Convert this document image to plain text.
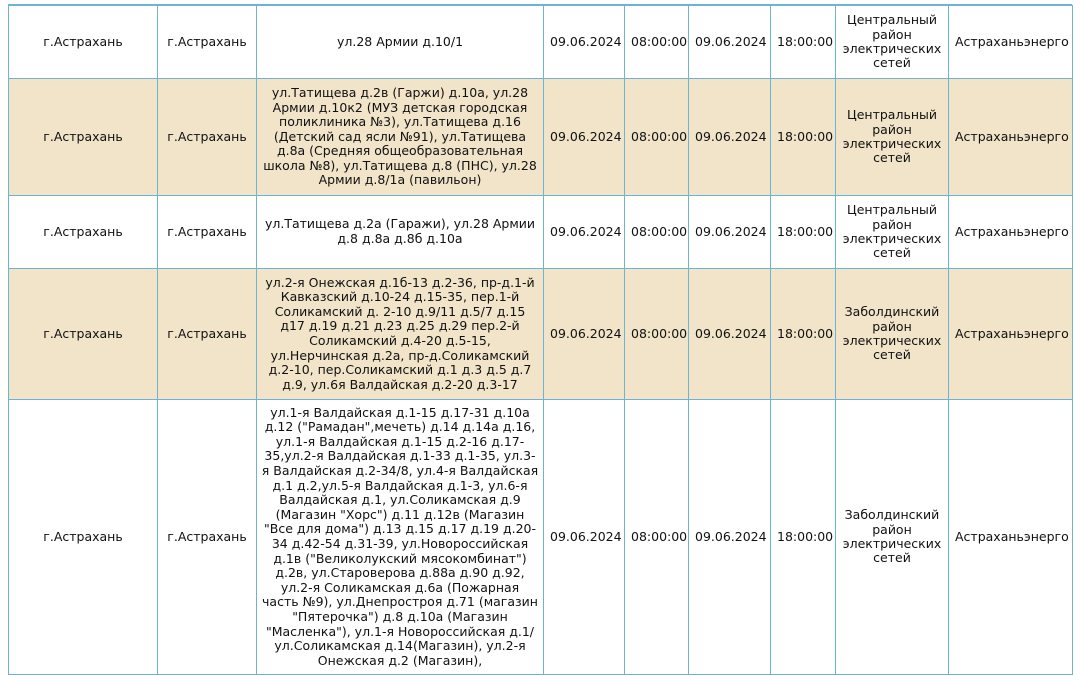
г.Астрахань	г.Астрахань	ул.28 Армии д.10/1	09.06.2024	08:00:00	09.06.2024	18:00:00	Центральный район электрических сетей	Астраханьэнерго
г.Астрахань	г.Астрахань	ул.Татищева д.2в (Гаржи) д.10а, ул.28 Армии д.10к2 (МУЗ детская городская поликлиника №3), ул.Татищева д.16 (Детский сад ясли №91), ул.Татищева д.8а (Средняя общеобразовательная школа №8), ул.Татищева д.8 (ПНС), ул.28 Армии д.8/1а (павильон)	09.06.2024	08:00:00	09.06.2024	18:00:00	Центральный район электрических сетей	Астраханьэнерго
г.Астрахань	г.Астрахань	ул.Татищева д.2а (Гаражи), ул.28 Армии д.8 д.8а д.8б д.10а	09.06.2024	08:00:00	09.06.2024	18:00:00	Центральный район электрических сетей	Астраханьэнерго
г.Астрахань	г.Астрахань	ул.2-я Онежская д.1б-13 д.2-36, пр-д.1-й Кавказский д.10-24 д.15-35, пер.1-й Соликамский д. 2-10 д.9/11 д.5/7 д.15 д17 д.19 д.21 д.23 д.25 д.29 пер.2-й Соликамский д.4-20 д.5-15, ул.Нерчинская д.2а, пр-д.Соликамский д.2-10, пер.Соликамский д.1 д.3 д.5 д.7 д.9, ул.6я Валдайская д.2-20 д.3-17	09.06.2024	08:00:00	09.06.2024	18:00:00	Заболдинский район электрических сетей	Астраханьэнерго
г.Астрахань	г.Астрахань	ул.1-я Валдайская д.1-15 д.17-31 д.10а д.12 ("Рамадан",мечеть) д.14 д.14а д.16, ул.1-я Валдайская д.1-15 д.2-16 д.17-35,ул.2-я Валдайская д.1-33 д.1-35, ул.3-я Валдайская д.2-34/8, ул.4-я Валдайская д.1 д.2,ул.5-я Валдайская д.1-3, ул.6-я Валдайская д.1, ул.Соликамская д.9 (Магазин "Хорс") д.11 д.12в (Магазин "Все для дома") д.13 д.15 д.17 д.19 д.20-34 д.42-54 д.31-39, ул.Новороссийская д.1в ("Великолукский мясокомбинат") д.2в, ул.Староверова д.88а д.90 д.92, ул.2-я Соликамская д.6а (Пожарная часть №9), ул.Днепростроя д.71 (магазин "Пятерочка") д.8 д.10а (Магазин "Масленка"), ул.1-я Новороссийская д.1/ ул.Соликамская д.14(Магазин), ул.2-я Онежская д.2 (Магазин),	09.06.2024	08:00:00	09.06.2024	18:00:00	Заболдинский район электрических сетей	Астраханьэнерго
